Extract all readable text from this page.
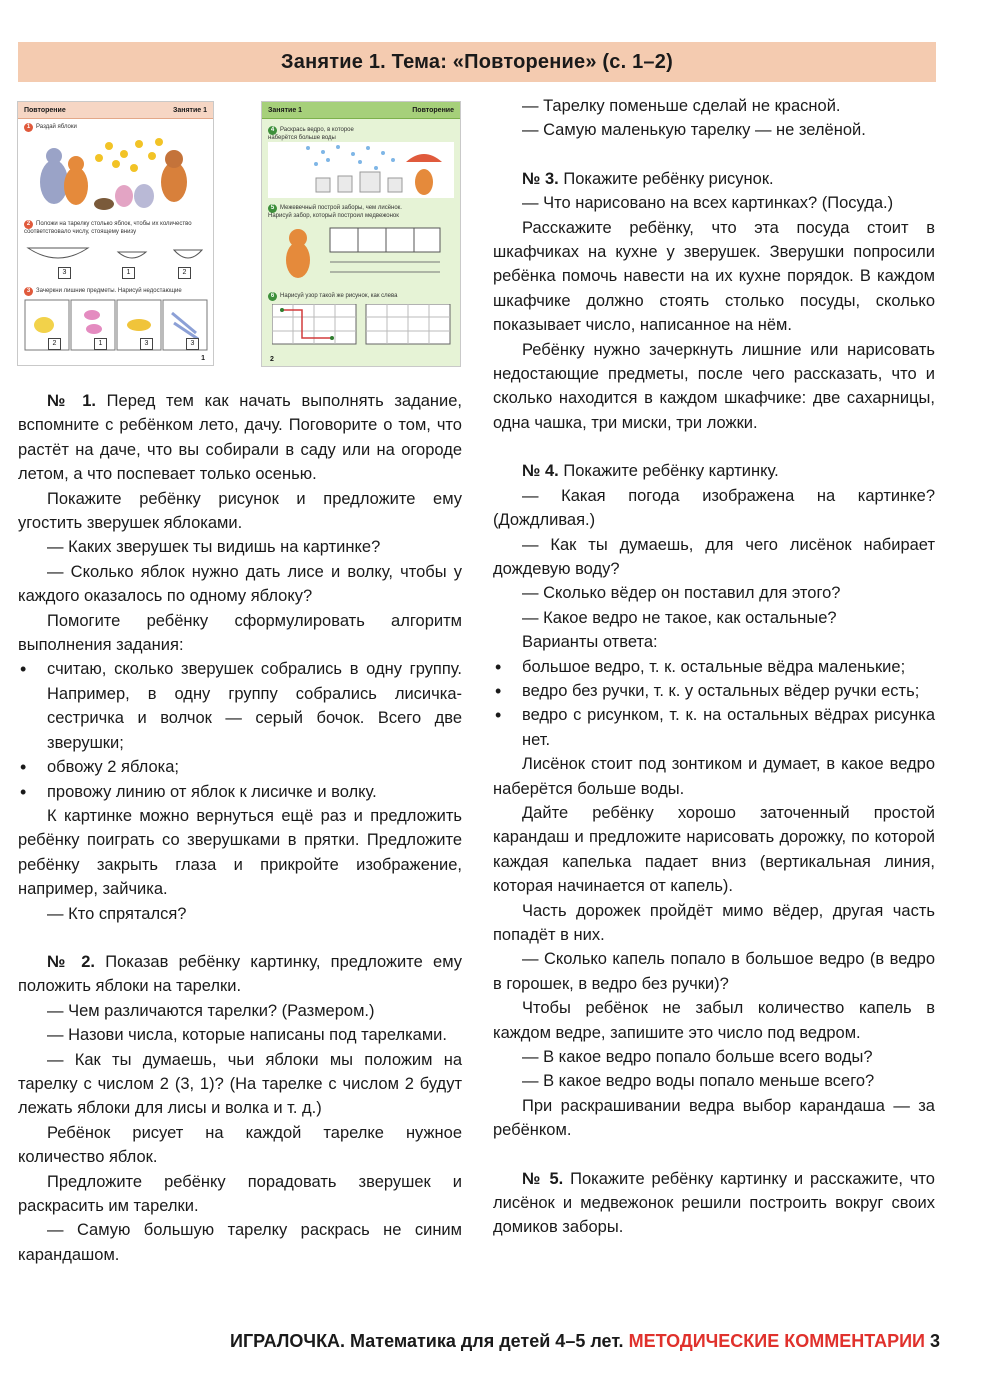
Занятие 1. Тема: «Повторение» (с. 1–2)
Повторение	Занятие 1
1 Раздай яблоки
2 Положи на тарелку столько яблок, чтобы их количество соответствовало числу, стоящему внизу
3	1	2
3 Зачеркни лишние предметы. Нарисуй недостающие
2	1	3	3
1
Занятие 1	Повторение
4 Раскрась ведро, в которое наберётся больше воды
5 Межевечный построй заборы, чем лисёнок. Нарисуй забор, который построил медвежонок
6 Нарисуй узор такой же рисунок, как слева
2

№ 1. Перед тем как начать выполнять задание, вспомните с ребёнком лето, дачу. Поговорите о том, что растёт на даче, что вы собирали в саду или на огороде летом, а что поспевает только осенью.

Покажите ребёнку рисунок и предложите ему угостить зверушек яблоками.

— Каких зверушек ты видишь на картинке?

— Сколько яблок нужно дать лисе и волку, чтобы у каждого оказалось по одному яблоку?

Помогите ребёнку сформулировать алгоритм выполнения задания:

• считаю, сколько зверушек собрались в одну группу. Например, в одну группу собрались лисичка-сестричка и волчок — серый бочок. Всего две зверушки;
• обвожу 2 яблока;
• провожу линию от яблок к лисичке и волку.

К картинке можно вернуться ещё раз и предложить ребёнку поиграть со зверушками в прятки. Предложите ребёнку закрыть глаза и прикройте изображение, например, зайчика.

— Кто спрятался?

№ 2. Показав ребёнку картинку, предложите ему положить яблоки на тарелки.

— Чем различаются тарелки? (Размером.)

— Назови числа, которые написаны под тарелками.

— Как ты думаешь, чьи яблоки мы положим на тарелку с числом 2 (3, 1)? (На тарелке с числом 2 будут лежать яблоки для лисы и волка и т. д.)

Ребёнок рисует на каждой тарелке нужное количество яблок.

Предложите ребёнку порадовать зверушек и раскрасить им тарелки.

— Самую большую тарелку раскрась не синим карандашом.

— Тарелку поменьше сделай не красной.

— Самую маленькую тарелку — не зелёной.

№ 3. Покажите ребёнку рисунок.

— Что нарисовано на всех картинках? (Посуда.)

Расскажите ребёнку, что эта посуда стоит в шкафчиках на кухне у зверушек. Зверушки попросили ребёнка помочь навести на их кухне порядок. В каждом шкафчике должно стоять столько посуды, сколько показывает число, написанное на нём.

Ребёнку нужно зачеркнуть лишние или нарисовать недостающие предметы, после чего рассказать, что и сколько находится в каждом шкафчике: две сахарницы, одна чашка, три миски, три ложки.

№ 4. Покажите ребёнку картинку.

— Какая погода изображена на картинке? (Дождливая.)

— Как ты думаешь, для чего лисёнок набирает дождевую воду?

— Сколько вёдер он поставил для этого?

— Какое ведро не такое, как остальные?

Варианты ответа:

• большое ведро, т. к. остальные вёдра маленькие;
• ведро без ручки, т. к. у остальных вёдер ручки есть;
• ведро с рисунком, т. к. на остальных вёдрах рисунка нет.

Лисёнок стоит под зонтиком и думает, в какое ведро наберётся больше воды.

Дайте ребёнку хорошо заточенный простой карандаш и предложите нарисовать дорожку, по которой каждая капелька падает вниз (вертикальная линия, которая начинается от капель).

Часть дорожек пройдёт мимо вёдер, другая часть попадёт в них.

— Сколько капель попало в большое ведро (в ведро в горошек, в ведро без ручки)?

Чтобы ребёнок не забыл количество капель в каждом ведре, запишите это число под ведром.

— В какое ведро попало больше всего воды?

— В какое ведро воды попало меньше всего?

При раскрашивании ведра выбор карандаша — за ребёнком.

№ 5. Покажите ребёнку картинку и расскажите, что лисёнок и медвежонок решили построить вокруг своих домиков заборы.

ИГРАЛОЧКА. Математика для детей 4–5 лет. МЕТОДИЧЕСКИЕ КОММЕНТАРИИ 3
